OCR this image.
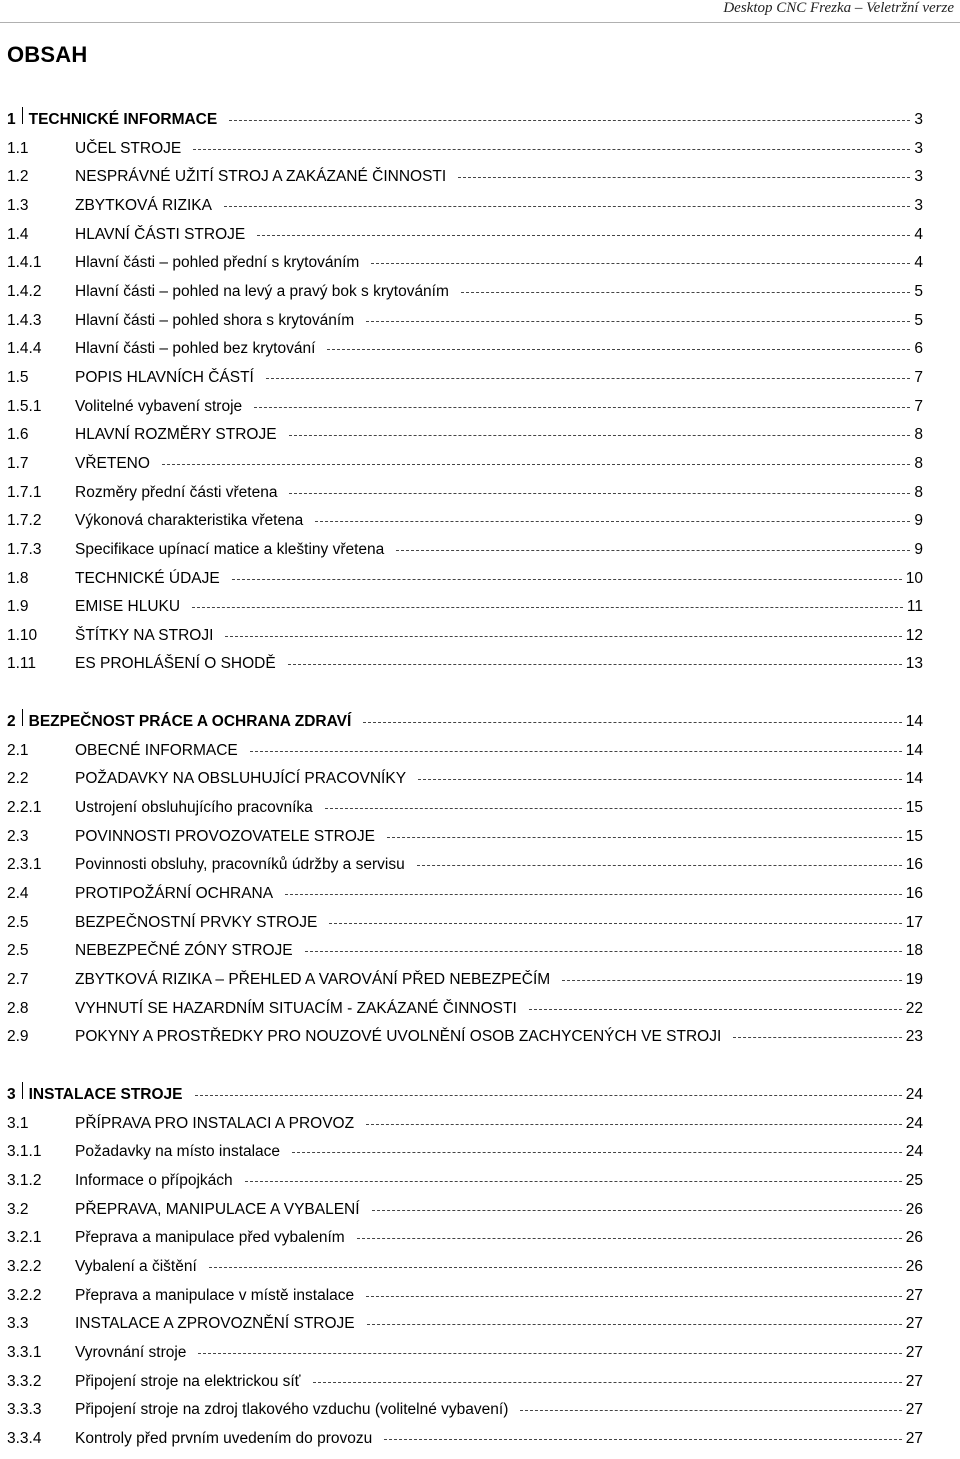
Desktop CNC Frezka – Veletržní verze
OBSAH
1 TECHNICKÉ INFORMACE	3
1.1	UČEL STROJE	3
1.2	NESPRÁVNÉ UŽITÍ STROJ A ZAKÁZANÉ ČINNOSTI	3
1.3	ZBYTKOVÁ RIZIKA	3
1.4	HLAVNÍ ČÁSTI STROJE	4
1.4.1	Hlavní části – pohled přední s krytováním	4
1.4.2	Hlavní části – pohled na levý a pravý bok s krytováním	5
1.4.3	Hlavní části – pohled shora s krytováním	5
1.4.4	Hlavní části – pohled bez krytování	6
1.5	POPIS HLAVNÍCH ČÁSTÍ	7
1.5.1	Volitelné vybavení stroje	7
1.6	HLAVNÍ ROZMĚRY STROJE	8
1.7	VŘETENO	8
1.7.1	Rozměry přední části vřetena	8
1.7.2	Výkonová charakteristika vřetena	9
1.7.3	Specifikace upínací matice a kleštiny vřetena	9
1.8	TECHNICKÉ ÚDAJE	10
1.9	EMISE HLUKU	11
1.10	ŠTÍTKY NA STROJI	12
1.11	ES PROHLÁŠENÍ O SHODĚ	13
2 BEZPEČNOST PRÁCE A OCHRANA ZDRAVÍ	14
2.1	OBECNÉ INFORMACE	14
2.2	POŽADAVKY NA OBSLUHUJÍCÍ PRACOVNÍKY	14
2.2.1	Ustrojení obsluhujícího pracovníka	15
2.3	POVINNOSTI PROVOZOVATELE STROJE	15
2.3.1	Povinnosti obsluhy, pracovníků údržby a servisu	16
2.4	PROTIPOŽÁRNÍ OCHRANA	16
2.5	BEZPEČNOSTNÍ PRVKY STROJE	17
2.5	NEBEZPEČNÉ ZÓNY STROJE	18
2.7	ZBYTKOVÁ RIZIKA – PŘEHLED A VAROVÁNÍ PŘED NEBEZPEČÍM	19
2.8	VYHNUTÍ SE HAZARDNÍM SITUACÍM - ZAKÁZANÉ ČINNOSTI	22
2.9	POKYNY A PROSTŘEDKY PRO NOUZOVÉ UVOLNĚNÍ OSOB ZACHYCENÝCH VE STROJI	23
3 INSTALACE STROJE	24
3.1	PŘÍPRAVA PRO INSTALACI A PROVOZ	24
3.1.1	Požadavky na místo instalace	24
3.1.2	Informace o přípojkách	25
3.2	PŘEPRAVA, MANIPULACE A VYBALENÍ	26
3.2.1	Přeprava a manipulace před vybalením	26
3.2.2	Vybalení a čištění	26
3.2.2	Přeprava a manipulace v místě instalace	27
3.3	INSTALACE A ZPROVOZNĚNÍ STROJE	27
3.3.1	Vyrovnání stroje	27
3.3.2	Připojení stroje na elektrickou síť	27
3.3.3	Připojení stroje na zdroj tlakového vzduchu (volitelné vybavení)	27
3.3.4	Kontroly před prvním uvedením do provozu	27
